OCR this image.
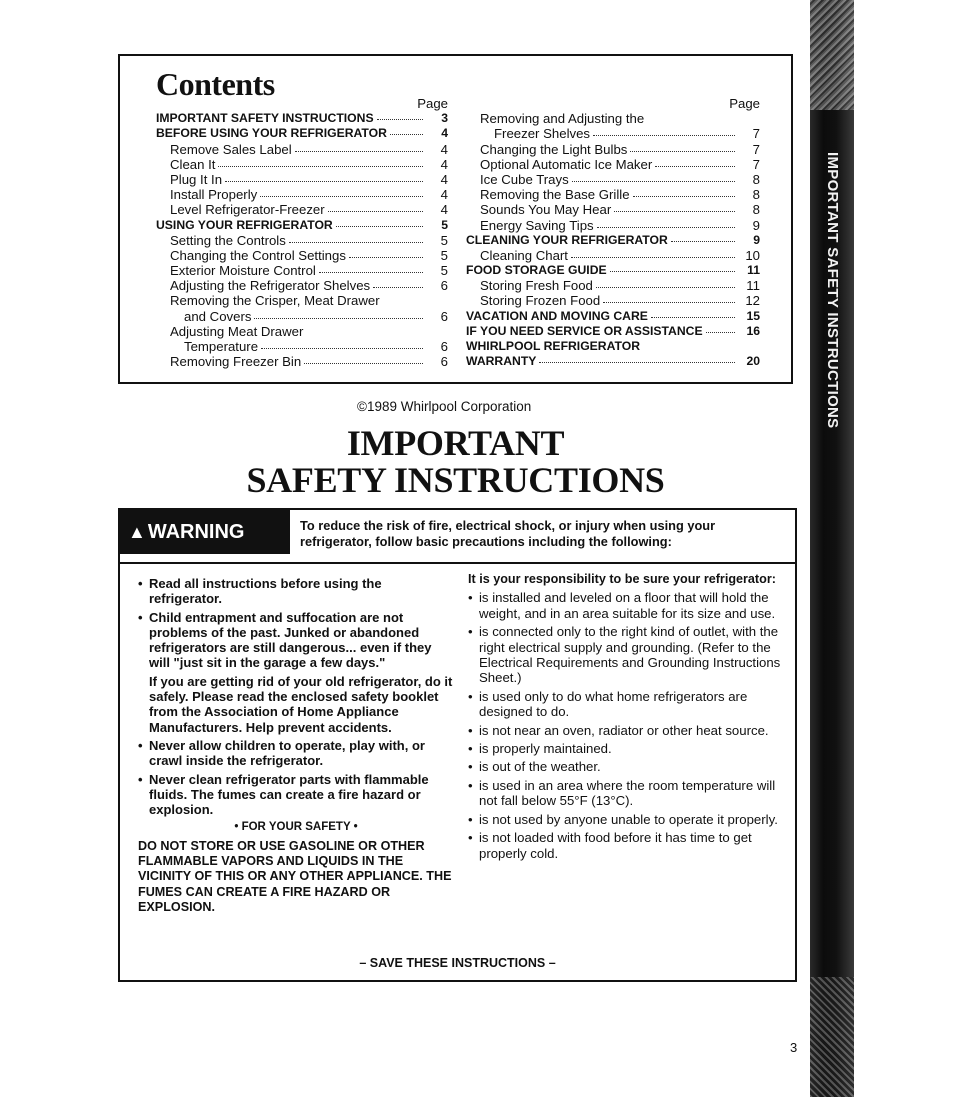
Contents
Page
IMPORTANT SAFETY INSTRUCTIONS	3
BEFORE USING YOUR REFRIGERATOR	4
Remove Sales Label	4
Clean It	4
Plug It In	4
Install Properly	4
Level Refrigerator-Freezer	4
USING YOUR REFRIGERATOR	5
Setting the Controls	5
Changing the Control Settings	5
Exterior Moisture Control	5
Adjusting the Refrigerator Shelves	6
Removing the Crisper, Meat Drawer
and Covers	6
Adjusting Meat Drawer
Temperature	6
Removing Freezer Bin	6
Page
Removing and Adjusting the
Freezer Shelves	7
Changing the Light Bulbs	7
Optional Automatic Ice Maker	7
Ice Cube Trays	8
Removing the Base Grille	8
Sounds You May Hear	8
Energy Saving Tips	9
CLEANING YOUR REFRIGERATOR	9
Cleaning Chart	10
FOOD STORAGE GUIDE	11
Storing Fresh Food	11
Storing Frozen Food	12
VACATION AND MOVING CARE	15
IF YOU NEED SERVICE OR ASSISTANCE	16
WHIRLPOOL REFRIGERATOR
WARRANTY	20
©1989 Whirlpool Corporation
IMPORTANT
SAFETY INSTRUCTIONS
▲ WARNING	To reduce the risk of fire, electrical shock, or injury when using your refrigerator, follow basic precautions including the following:
• Read all instructions before using the refrigerator.
• Child entrapment and suffocation are not problems of the past. Junked or abandoned refrigerators are still dangerous... even if they will "just sit in the garage a few days."
If you are getting rid of your old refrigerator, do it safely. Please read the enclosed safety booklet from the Association of Home Appliance Manufacturers. Help prevent accidents.
• Never allow children to operate, play with, or crawl inside the refrigerator.
• Never clean refrigerator parts with flammable fluids. The fumes can create a fire hazard or explosion.
• FOR YOUR SAFETY •
DO NOT STORE OR USE GASOLINE OR OTHER FLAMMABLE VAPORS AND LIQUIDS IN THE VICINITY OF THIS OR ANY OTHER APPLIANCE. THE FUMES CAN CREATE A FIRE HAZARD OR EXPLOSION.
It is your responsibility to be sure your refrigerator:
• is installed and leveled on a floor that will hold the weight, and in an area suitable for its size and use.
• is connected only to the right kind of outlet, with the right electrical supply and grounding. (Refer to the Electrical Requirements and Grounding Instructions Sheet.)
• is used only to do what home refrigerators are designed to do.
• is not near an oven, radiator or other heat source.
• is properly maintained.
• is out of the weather.
• is used in an area where the room temperature will not fall below 55°F (13°C).
• is not used by anyone unable to operate it properly.
• is not loaded with food before it has time to get properly cold.
– SAVE THESE INSTRUCTIONS –
3
IMPORTANT SAFETY INSTRUCTIONS
